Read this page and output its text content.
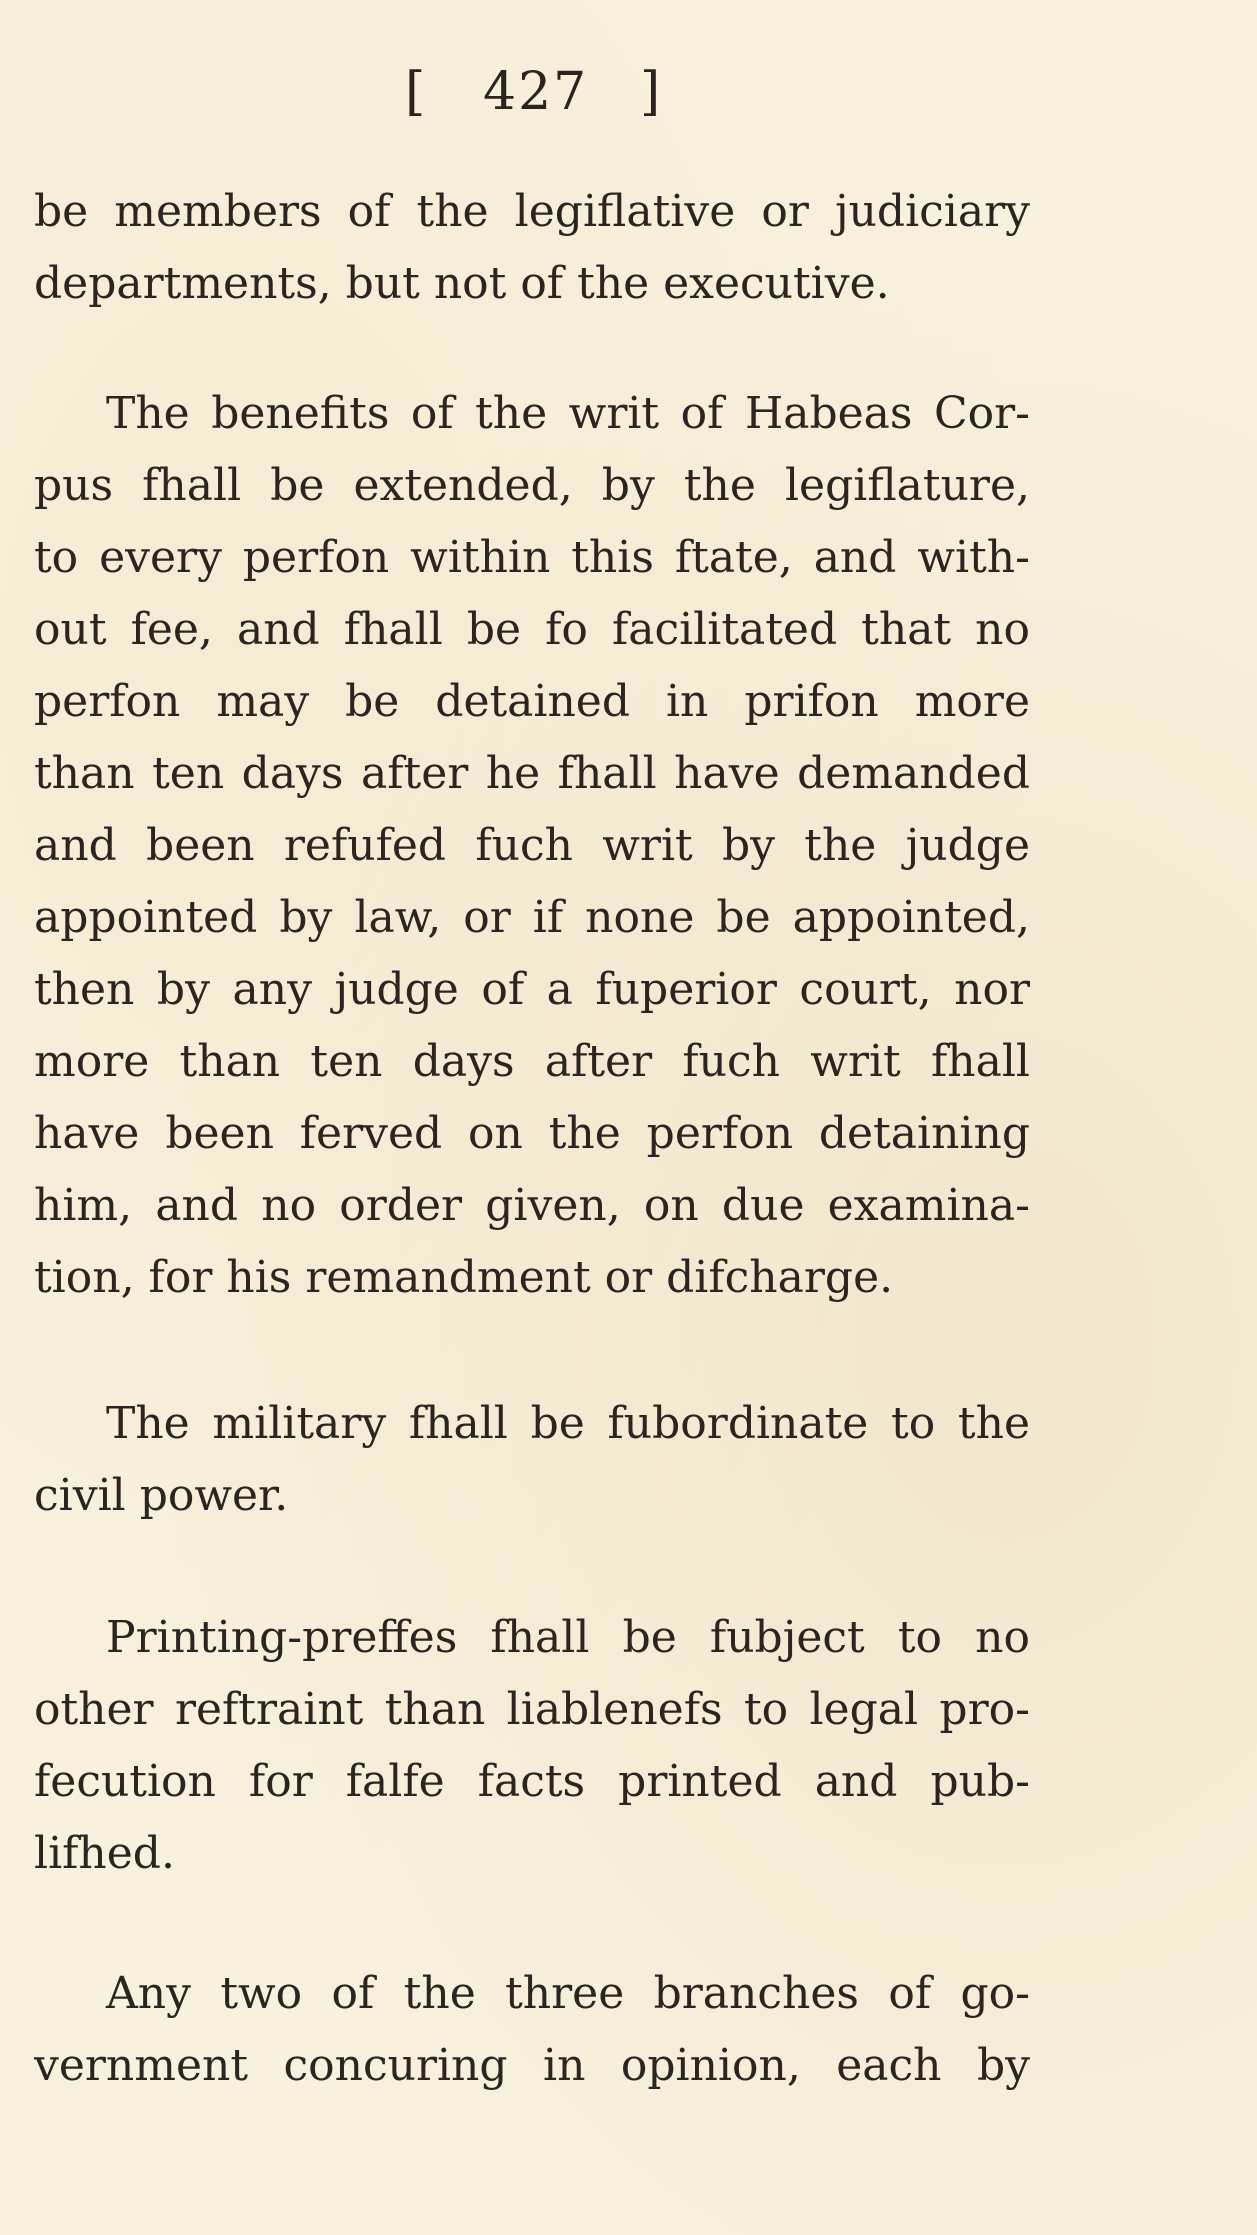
[

427

]

be members of the legiflative or judiciary
departments, but not of the executive.
The benefits of the writ of Habeas Cor-
pus fhall be extended, by the legiflature,
to every perfon within this ftate, and with-
out fee, and fhall be fo facilitated that no
perfon may be detained in prifon more
than ten days after he fhall have demanded
and been refufed fuch writ by the judge
appointed by law, or if none be appointed,
then by any judge of a fuperior court, nor
more than ten days after fuch writ fhall
have been ferved on the perfon detaining
him, and no order given, on due examina-
tion, for his remandment or difcharge.
The military fhall be fubordinate to the
civil power.
Printing-preffes fhall be fubject to no
other reftraint than liablenefs to legal pro-
fecution for falfe facts printed and pub-
lifhed.
Any two of the three branches of go-
vernment concuring in opinion, each by
